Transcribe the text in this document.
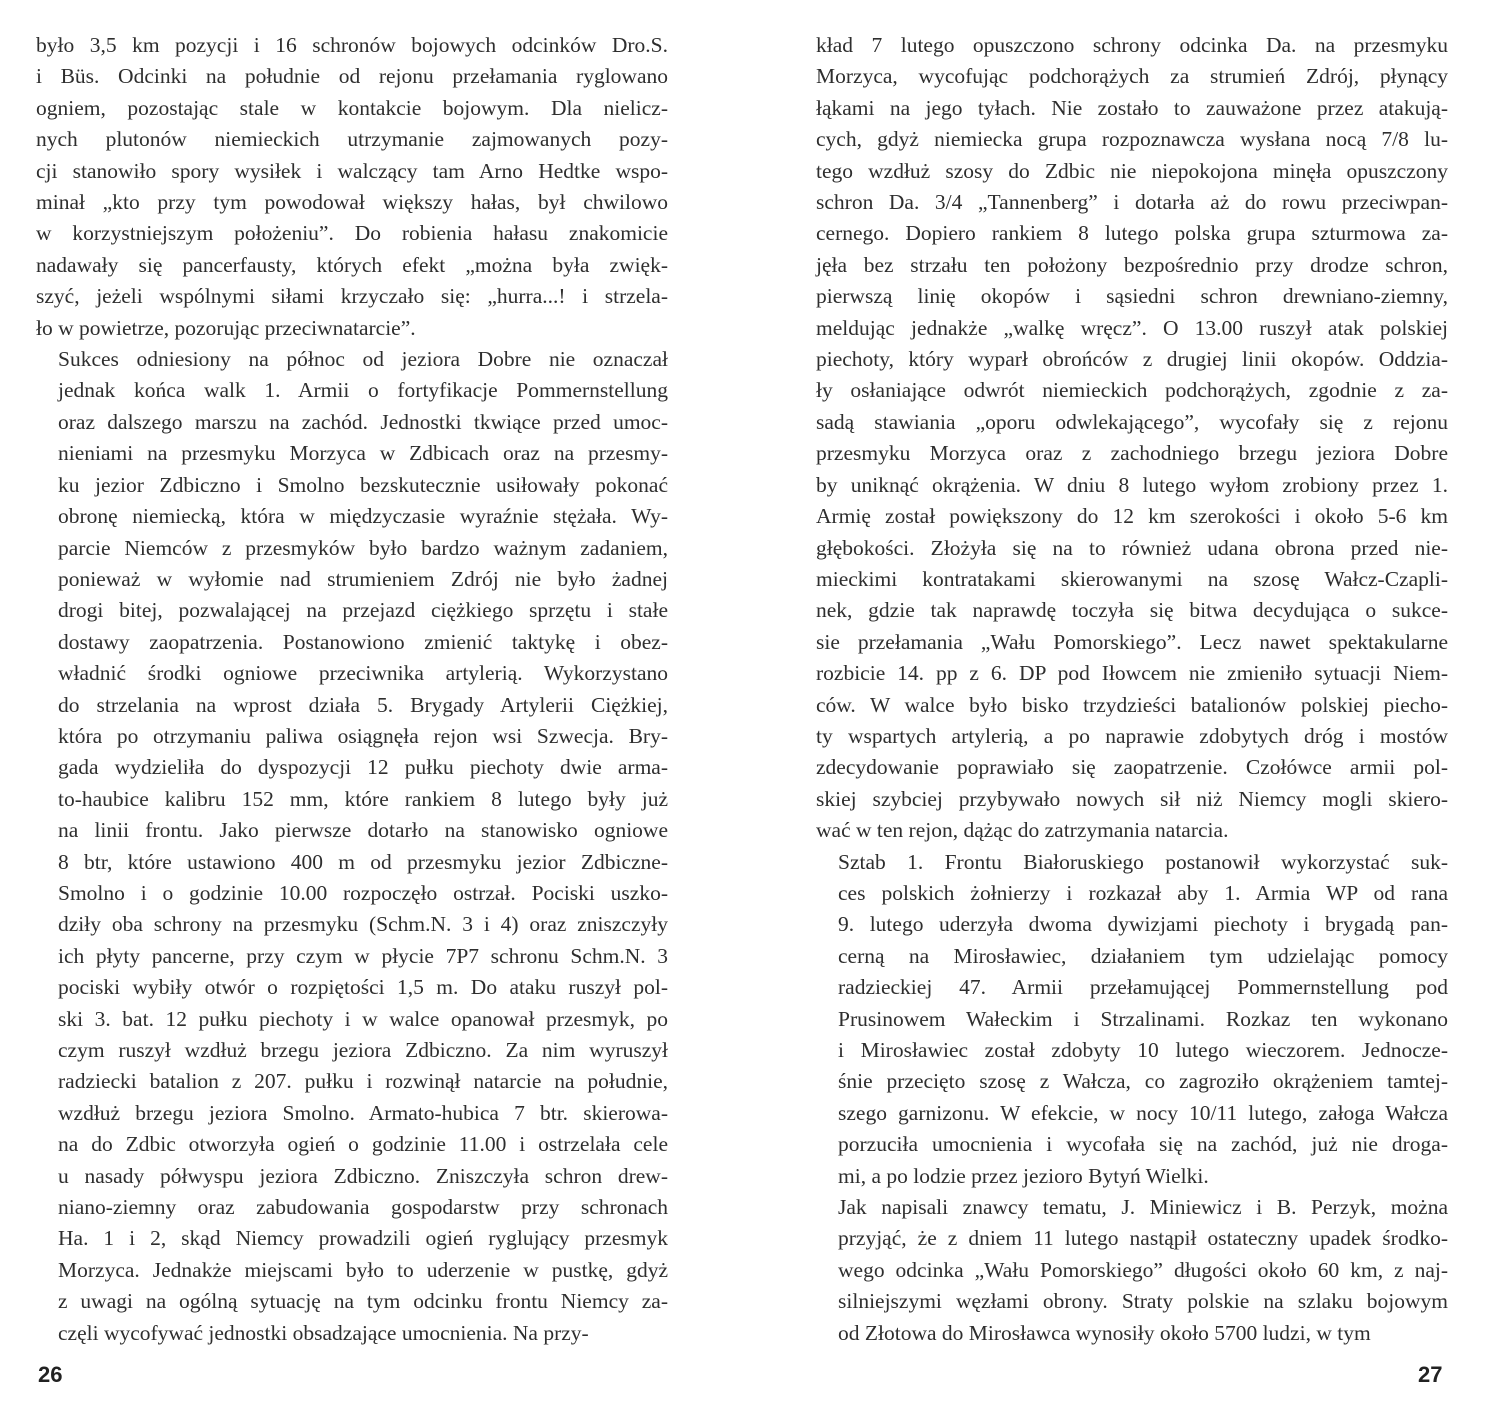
było 3,5 km pozycji i 16 schronów bojowych odcinków Dro.S.
i Büs. Odcinki na południe od rejonu przełamania ryglowano
ogniem, pozostając stale w kontakcie bojowym. Dla nielicz-
nych plutonów niemieckich utrzymanie zajmowanych pozy-
cji stanowiło spory wysiłek i walczący tam Arno Hedtke wspo-
minał „kto przy tym powodował większy hałas, był chwilowo
w korzystniejszym położeniu”. Do robienia hałasu znakomicie
nadawały się pancerfausty, których efekt „można była zwięk-
szyć, jeżeli wspólnymi siłami krzyczało się: „hurra...! i strzela-
ło w powietrze, pozorując przeciwnatarcie”.

Sukces odniesiony na północ od jeziora Dobre nie oznaczał
jednak końca walk 1. Armii o fortyfikacje Pommernstellung
oraz dalszego marszu na zachód. Jednostki tkwiące przed umoc-
nieniami na przesmyku Morzyca w Zdbicach oraz na przesmy-
ku jezior Zdbiczno i Smolno bezskutecznie usiłowały pokonać
obronę niemiecką, która w międzyczasie wyraźnie stężała. Wy-
parcie Niemców z przesmyków było bardzo ważnym zadaniem,
ponieważ w wyłomie nad strumieniem Zdrój nie było żadnej
drogi bitej, pozwalającej na przejazd ciężkiego sprzętu i stałe
dostawy zaopatrzenia. Postanowiono zmienić taktykę i obez-
władnić środki ogniowe przeciwnika artylerią. Wykorzystano
do strzelania na wprost działa 5. Brygady Artylerii Ciężkiej,
która po otrzymaniu paliwa osiągnęła rejon wsi Szwecja. Bry-
gada wydzieliła do dyspozycji 12 pułku piechoty dwie arma-
to-haubice kalibru 152 mm, które rankiem 8 lutego były już
na linii frontu. Jako pierwsze dotarło na stanowisko ogniowe
8 btr, które ustawiono 400 m od przesmyku jezior Zdbiczne-
Smolno i o godzinie 10.00 rozpoczęło ostrzał. Pociski uszko-
dziły oba schrony na przesmyku (Schm.N. 3 i 4) oraz zniszczyły
ich płyty pancerne, przy czym w płycie 7P7 schronu Schm.N. 3
pociski wybiły otwór o rozpiętości 1,5 m. Do ataku ruszył pol-
ski 3. bat. 12 pułku piechoty i w walce opanował przesmyk, po
czym ruszył wzdłuż brzegu jeziora Zdbiczno. Za nim wyruszył
radziecki batalion z 207. pułku i rozwinął natarcie na południe,
wzdłuż brzegu jeziora Smolno. Armato-hubica 7 btr. skierowa-
na do Zdbic otworzyła ogień o godzinie 11.00 i ostrzelała cele
u nasady półwyspu jeziora Zdbiczno. Zniszczyła schron drew-
niano-ziemny oraz zabudowania gospodarstw przy schronach
Ha. 1 i 2, skąd Niemcy prowadzili ogień ryglujący przesmyk
Morzyca. Jednakże miejscami było to uderzenie w pustkę, gdyż
z uwagi na ogólną sytuację na tym odcinku frontu Niemcy za-
częli wycofywać jednostki obsadzające umocnienia. Na przy-

26

kład 7 lutego opuszczono schrony odcinka Da. na przesmyku
Morzyca, wycofując podchorążych za strumień Zdrój, płynący
łąkami na jego tyłach. Nie zostało to zauważone przez atakują-
cych, gdyż niemiecka grupa rozpoznawcza wysłana nocą 7/8 lu-
tego wzdłuż szosy do Zdbic nie niepokojona minęła opuszczony
schron Da. 3/4 „Tannenberg” i dotarła aż do rowu przeciwpan-
cernego. Dopiero rankiem 8 lutego polska grupa szturmowa za-
jęła bez strzału ten położony bezpośrednio przy drodze schron,
pierwszą linię okopów i sąsiedni schron drewniano-ziemny,
meldując jednakże „walkę wręcz”. O 13.00 ruszył atak polskiej
piechoty, który wyparł obrońców z drugiej linii okopów. Oddzia-
ły osłaniające odwrót niemieckich podchorążych, zgodnie z za-
sadą stawiania „oporu odwlekającego”, wycofały się z rejonu
przesmyku Morzyca oraz z zachodniego brzegu jeziora Dobre
by uniknąć okrążenia. W dniu 8 lutego wyłom zrobiony przez 1.
Armię został powiększony do 12 km szerokości i około 5-6 km
głębokości. Złożyła się na to również udana obrona przed nie-
mieckimi kontratakami skierowanymi na szosę Wałcz-Czapli-
nek, gdzie tak naprawdę toczyła się bitwa decydująca o sukce-
sie przełamania „Wału Pomorskiego”. Lecz nawet spektakularne
rozbicie 14. pp z 6. DP pod Iłowcem nie zmieniło sytuacji Niem-
ców. W walce było bisko trzydzieści batalionów polskiej piecho-
ty wspartych artylerią, a po naprawie zdobytych dróg i mostów
zdecydowanie poprawiało się zaopatrzenie. Czołówce armii pol-
skiej szybciej przybywało nowych sił niż Niemcy mogli skiero-
wać w ten rejon, dążąc do zatrzymania natarcia.

Sztab 1. Frontu Białoruskiego postanowił wykorzystać suk-
ces polskich żołnierzy i rozkazał aby 1. Armia WP od rana
9. lutego uderzyła dwoma dywizjami piechoty i brygadą pan-
cerną na Mirosławiec, działaniem tym udzielając pomocy
radzieckiej 47. Armii przełamującej Pommernstellung pod
Prusinowem Wałeckim i Strzalinami. Rozkaz ten wykonano
i Mirosławiec został zdobyty 10 lutego wieczorem. Jednocze-
śnie przecięto szosę z Wałcza, co zagroziło okrążeniem tamtej-
szego garnizonu. W efekcie, w nocy 10/11 lutego, załoga Wałcza
porzuciła umocnienia i wycofała się na zachód, już nie droga-
mi, a po lodzie przez jezioro Bytyń Wielki.

Jak napisali znawcy tematu, J. Miniewicz i B. Perzyk, można
przyjąć, że z dniem 11 lutego nastąpił ostateczny upadek środko-
wego odcinka „Wału Pomorskiego” długości około 60 km, z naj-
silniejszymi węzłami obrony. Straty polskie na szlaku bojowym
od Złotowa do Mirosławca wynosiły około 5700 ludzi, w tym

27
